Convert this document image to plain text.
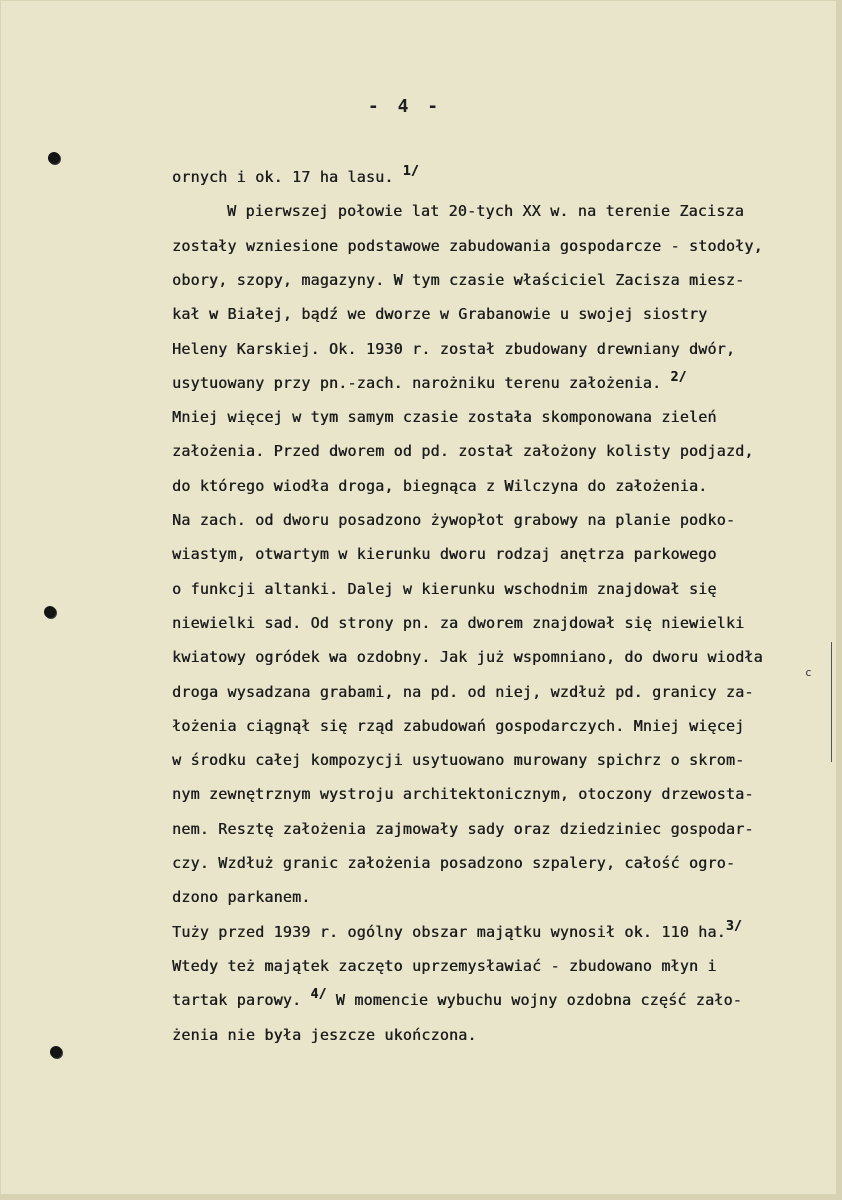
- 4 -
ornych i ok. 17 ha lasu. 1/
W pierwszej połowie lat 20-tych XX w. na terenie Zacisza
zostały wzniesione podstawowe zabudowania gospodarcze - stodoły,
obory, szopy, magazyny. W tym czasie właściciel Zacisza miesz-
kał w Białej, bądź we dworze w Grabanowie u swojej siostry
Heleny Karskiej. Ok. 1930 r. został zbudowany drewniany dwór,
usytuowany przy pn.-zach. narożniku terenu założenia. 2/
Mniej więcej w tym samym czasie została skomponowana zieleń
założenia. Przed dworem od pd. został założony kolisty podjazd,
do którego wiodła droga, biegnąca z Wilczyna do założenia.
Na zach. od dworu posadzono żywopłot grabowy na planie podko-
wiastym, otwartym w kierunku dworu rodzaj anętrza parkowego
o funkcji altanki. Dalej w kierunku wschodnim znajdował się
niewielki sad. Od strony pn. za dworem znajdował się niewielki
kwiatowy ogródek wa ozdobny. Jak już wspomniano, do dworu wiodła
droga wysadzana grabami, na pd. od niej, wzdłuż pd. granicy za-
łożenia ciągnął się rząd zabudowań gospodarczych. Mniej więcej
w środku całej kompozycji usytuowano murowany spichrz o skrom-
nym zewnętrznym wystroju architektonicznym, otoczony drzewosta-
nem. Resztę założenia zajmowały sady oraz dziedziniec gospodar-
czy. Wzdłuż granic założenia posadzono szpalery, całość ogro-
dzono parkanem.
Tuży przed 1939 r. ogólny obszar majątku wynosił ok. 110 ha.3/
Wtedy też majątek zaczęto uprzemysławiać - zbudowano młyn i
tartak parowy. 4/ W momencie wybuchu wojny ozdobna część zało-
żenia nie była jeszcze ukończona.
c
